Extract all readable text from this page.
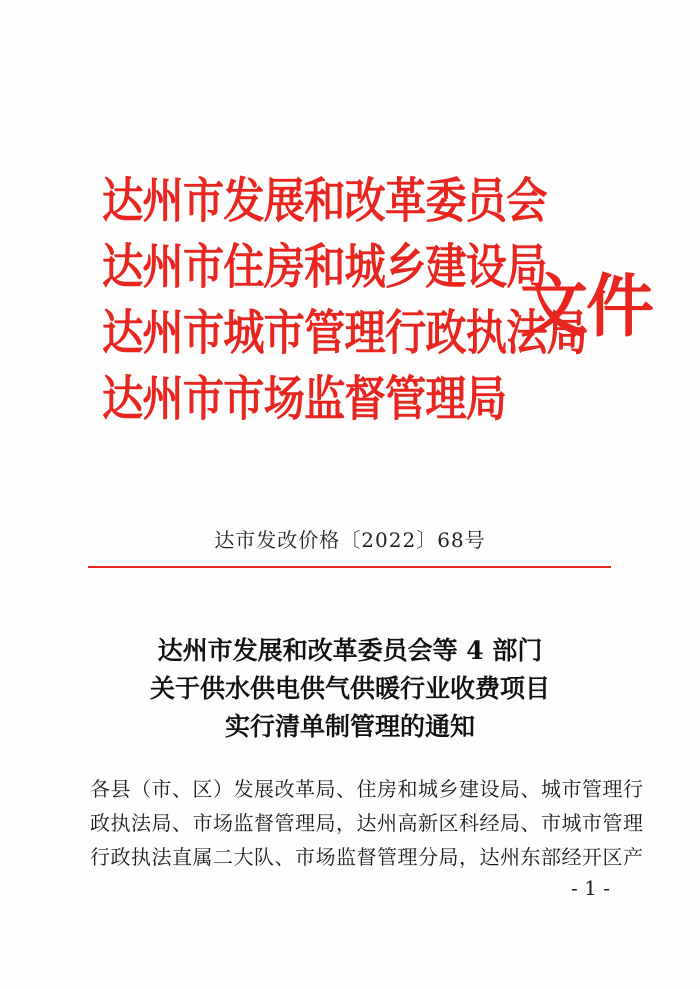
达州市发展和改革委员会
达州市住房和城乡建设局
达州市城市管理行政执法局
达州市市场监督管理局
文件
达市发改价格〔2022〕68号
达州市发展和改革委员会等 4 部门
关于供水供电供气供暖行业收费项目
实行清单制管理的通知
各县（市、区）发展改革局、住房和城乡建设局、城市管理行
政执法局、市场监督管理局，达州高新区科经局、市城市管理
行政执法直属二大队、市场监督管理分局，达州东部经开区产
- 1 -
